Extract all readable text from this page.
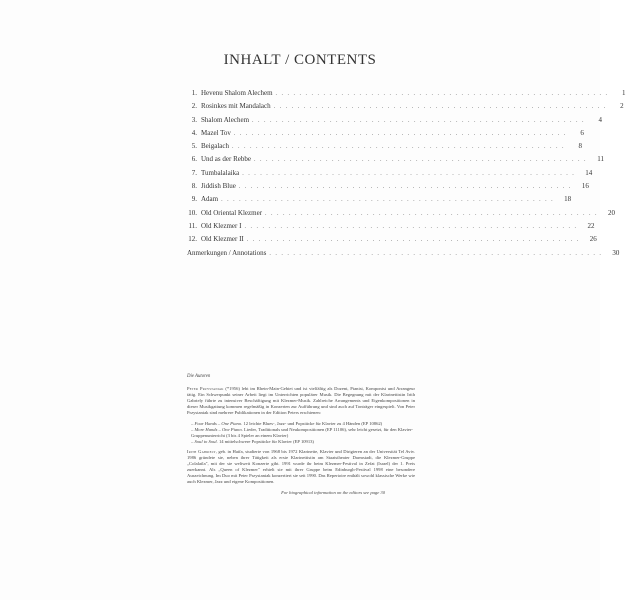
INHALT / CONTENTS
1. Hevenu Shalom Alechem . . . . . . . . . . . . . . . . . . . . . . . . . . . . . . . . . . . . . . . . . . . . . . . . . . . . . . . .	1
2. Rosinkes mit Mandalach . . . . . . . . . . . . . . . . . . . . . . . . . . . . . . . . . . . . . . . . . . . . . . . . . . . . . . . .	2
3. Shalom Alechem . . . . . . . . . . . . . . . . . . . . . . . . . . . . . . . . . . . . . . . . . . . . . . . . . . . . . . . .	4
4. Mazel Tov . . . . . . . . . . . . . . . . . . . . . . . . . . . . . . . . . . . . . . . . . . . . . . . . . . . . . . . .	6
5. Beigalach . . . . . . . . . . . . . . . . . . . . . . . . . . . . . . . . . . . . . . . . . . . . . . . . . . . . . . . .	8
6. Und as der Rebbe . . . . . . . . . . . . . . . . . . . . . . . . . . . . . . . . . . . . . . . . . . . . . . . . . . . . . . . .	11
7. Tumbalalaika . . . . . . . . . . . . . . . . . . . . . . . . . . . . . . . . . . . . . . . . . . . . . . . . . . . . . . . .	14
8. Jiddish Blue . . . . . . . . . . . . . . . . . . . . . . . . . . . . . . . . . . . . . . . . . . . . . . . . . . . . . . . .	16
9. Adam . . . . . . . . . . . . . . . . . . . . . . . . . . . . . . . . . . . . . . . . . . . . . . . . . . . . . . . .	18
10. Old Oriental Klezmer . . . . . . . . . . . . . . . . . . . . . . . . . . . . . . . . . . . . . . . . . . . . . . . . . . . . . . . .	20
11. Old Klezmer I . . . . . . . . . . . . . . . . . . . . . . . . . . . . . . . . . . . . . . . . . . . . . . . . . . . . . . . .	22
12. Old Klezmer II . . . . . . . . . . . . . . . . . . . . . . . . . . . . . . . . . . . . . . . . . . . . . . . . . . . . . . . .	26
Anmerkungen / Annotations . . . . . . . . . . . . . . . . . . . . . . . . . . . . . . . . . . . . . . . . . . . . . . . . . . . . . . . .	30
Die Autoren

Peter Przystaniak (*1956) lebt im Rhein-Main-Gebiet und ist vielfältig als Dozent, Pianist, Komponist und Arrangeur tätig. Ein Schwerpunkt seiner Arbeit liegt im Unterrichten populärer Musik. Die Begegnung mit der Klarinettistin Irith Gabriely führte zu intensiver Beschäftigung mit Klezmer-Musik. Zahlreiche Arrangements und Eigenkompositionen in dieser Musikgattung kommen regelmäßig in Konzerten zur Aufführung und sind auch auf Tonträger eingespielt. Von Peter Przystaniak sind mehrere Publikationen in der Edition Peters erschienen:

– Four Hands – One Piano. 12 leichte Blues-, Jazz- und Popstücke für Klavier zu 4 Händen (EP 10862)
– More Hands – One Piano. Lieder, Traditionals und Neukompositionen (EP 11106), sehr leicht gesetzt, für den Klavier-Gruppenunterricht (3 bis 4 Spieler an einem Klavier)
– Soul to Soul. 14 mittelschwere Popstücke für Klavier (EP 10913)

Irith Gabriely, geb. in Haifa, studierte von 1968 bis 1972 Klarinette, Klavier und Dirigieren an der Universität Tel Aviv. 1986 gründete sie, neben ihrer Tätigkeit als erste Klarinettistin am Staatstheater Darmstadt, die Klezmer-Gruppe „Colalaila", mit der sie weltweit Konzerte gibt. 1991 wurde ihr beim Klezmer-Festival in Zefat (Israel) der 1. Preis zuerkannt. Als „Queen of Klezmer" erhielt sie mit ihrer Gruppe beim Edinburgh-Festival 1998 eine besondere Auszeichnung. Im Duo mit Peter Przystaniak konzertiert sie seit 1990. Das Repertoire enthält sowohl klassische Werke wie auch Klezmer, Jazz und eigene Kompositionen.

For biographical information on the editors see page 30
